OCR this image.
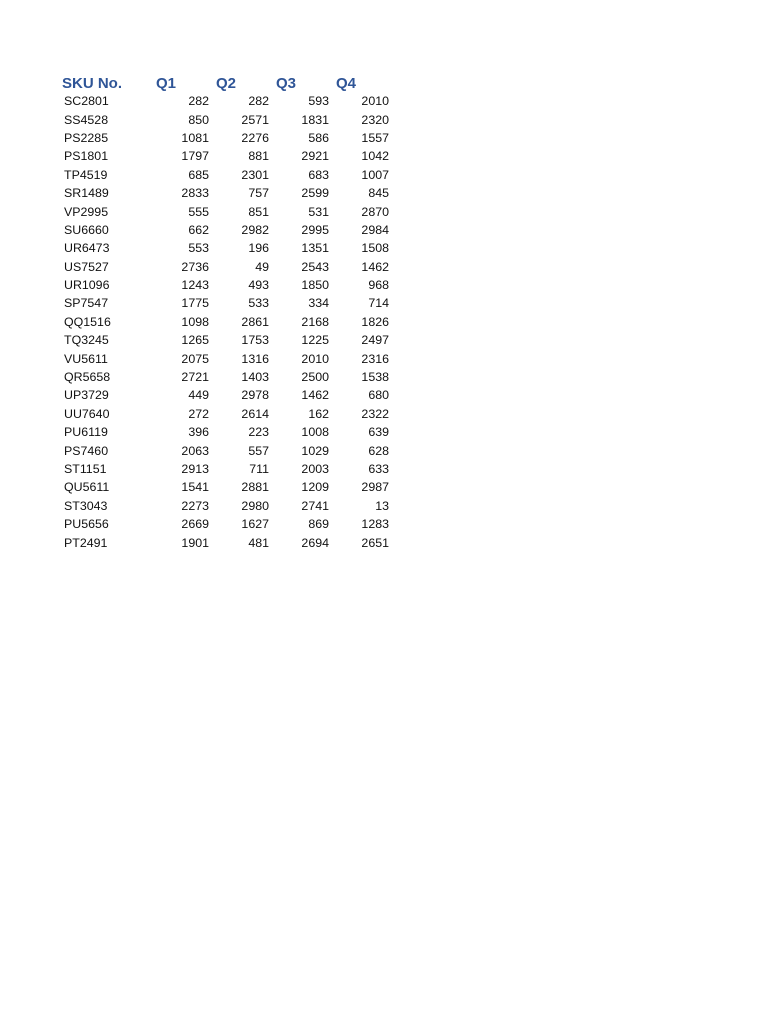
SKU No.	Q1	Q2	Q3	Q4
SC2801	282	282	593	2010
SS4528	850	2571	1831	2320
PS2285	1081	2276	586	1557
PS1801	1797	881	2921	1042
TP4519	685	2301	683	1007
SR1489	2833	757	2599	845
VP2995	555	851	531	2870
SU6660	662	2982	2995	2984
UR6473	553	196	1351	1508
US7527	2736	49	2543	1462
UR1096	1243	493	1850	968
SP7547	1775	533	334	714
QQ1516	1098	2861	2168	1826
TQ3245	1265	1753	1225	2497
VU5611	2075	1316	2010	2316
QR5658	2721	1403	2500	1538
UP3729	449	2978	1462	680
UU7640	272	2614	162	2322
PU6119	396	223	1008	639
PS7460	2063	557	1029	628
ST1151	2913	711	2003	633
QU5611	1541	2881	1209	2987
ST3043	2273	2980	2741	13
PU5656	2669	1627	869	1283
PT2491	1901	481	2694	2651
